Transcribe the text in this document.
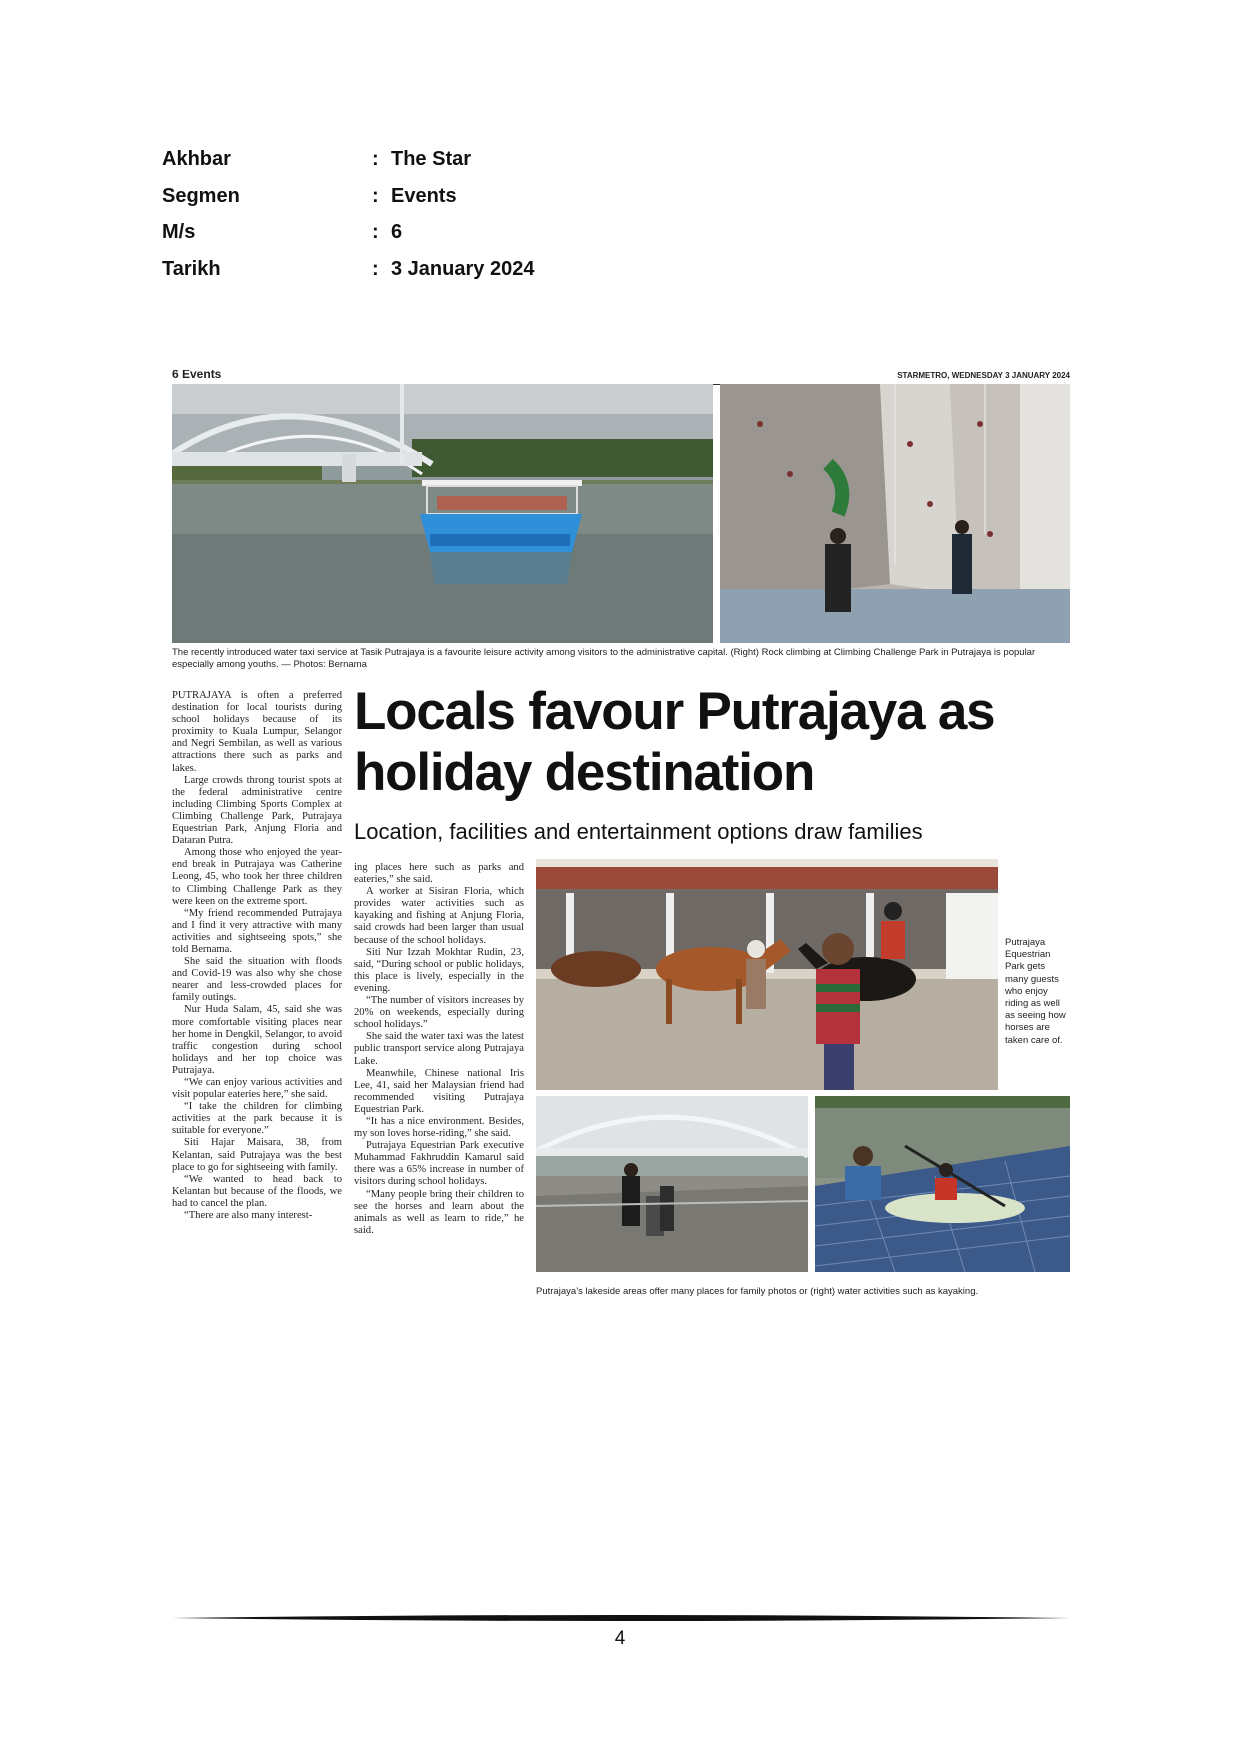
Akhbar	: The Star
Segmen	: Events
M/s	: 6
Tarikh	: 3 January 2024
6 Events	STARMETRO, WEDNESDAY 3 JANUARY 2024
The recently introduced water taxi service at Tasik Putrajaya is a favourite leisure activity among visitors to the administrative capital. (Right) Rock climbing at Climbing Challenge Park in Putrajaya is popular especially among youths. — Photos: Bernama

PUTRAJAYA is often a preferred destination for local tourists during school holidays because of its proximity to Kuala Lumpur, Selangor and Negri Sembilan, as well as various attractions there such as parks and lakes.

Large crowds throng tourist spots at the federal administrative centre including Climbing Sports Complex at Climbing Challenge Park, Putrajaya Equestrian Park, Anjung Floria and Dataran Putra.

Among those who enjoyed the year-end break in Putrajaya was Catherine Leong, 45, who took her three children to Climbing Challenge Park as they were keen on the extreme sport.

“My friend recommended Putrajaya and I find it very attractive with many activities and sightseeing spots,” she told Bernama.

She said the situation with floods and Covid-19 was also why she chose nearer and less-crowded places for family outings.

Nur Huda Salam, 45, said she was more comfortable visiting places near her home in Dengkil, Selangor, to avoid traffic congestion during school holidays and her top choice was Putrajaya.

“We can enjoy various activities and visit popular eateries here,” she said.

“I take the children for climbing activities at the park because it is suitable for everyone.”

Siti Hajar Maisara, 38, from Kelantan, said Putrajaya was the best place to go for sightseeing with family.

“We wanted to head back to Kelantan but because of the floods, we had to cancel the plan.

“There are also many interest-

Locals favour Putrajaya as holiday destination
Location, facilities and entertainment options draw families

ing places here such as parks and eateries,” she said.

A worker at Sisiran Floria, which provides water activities such as kayaking and fishing at Anjung Floria, said crowds had been larger than usual because of the school holidays.

Siti Nur Izzah Mokhtar Rudin, 23, said, “During school or public holidays, this place is lively, especially in the evening.

“The number of visitors increases by 20% on weekends, especially during school holidays.”

She said the water taxi was the latest public transport service along Putrajaya Lake.

Meanwhile, Chinese national Iris Lee, 41, said her Malaysian friend had recommended visiting Putrajaya Equestrian Park.

“It has a nice environment. Besides, my son loves horse-riding,” she said.

Putrajaya Equestrian Park executive Muhammad Fakhruddin Kamarul said there was a 65% increase in number of visitors during school holidays.

“Many people bring their children to see the horses and learn about the animals as well as learn to ride,” he said.

Putrajaya Equestrian Park gets many guests who enjoy riding as well as seeing how horses are taken care of.
Putrajaya’s lakeside areas offer many places for family photos or (right) water activities such as kayaking.
4
